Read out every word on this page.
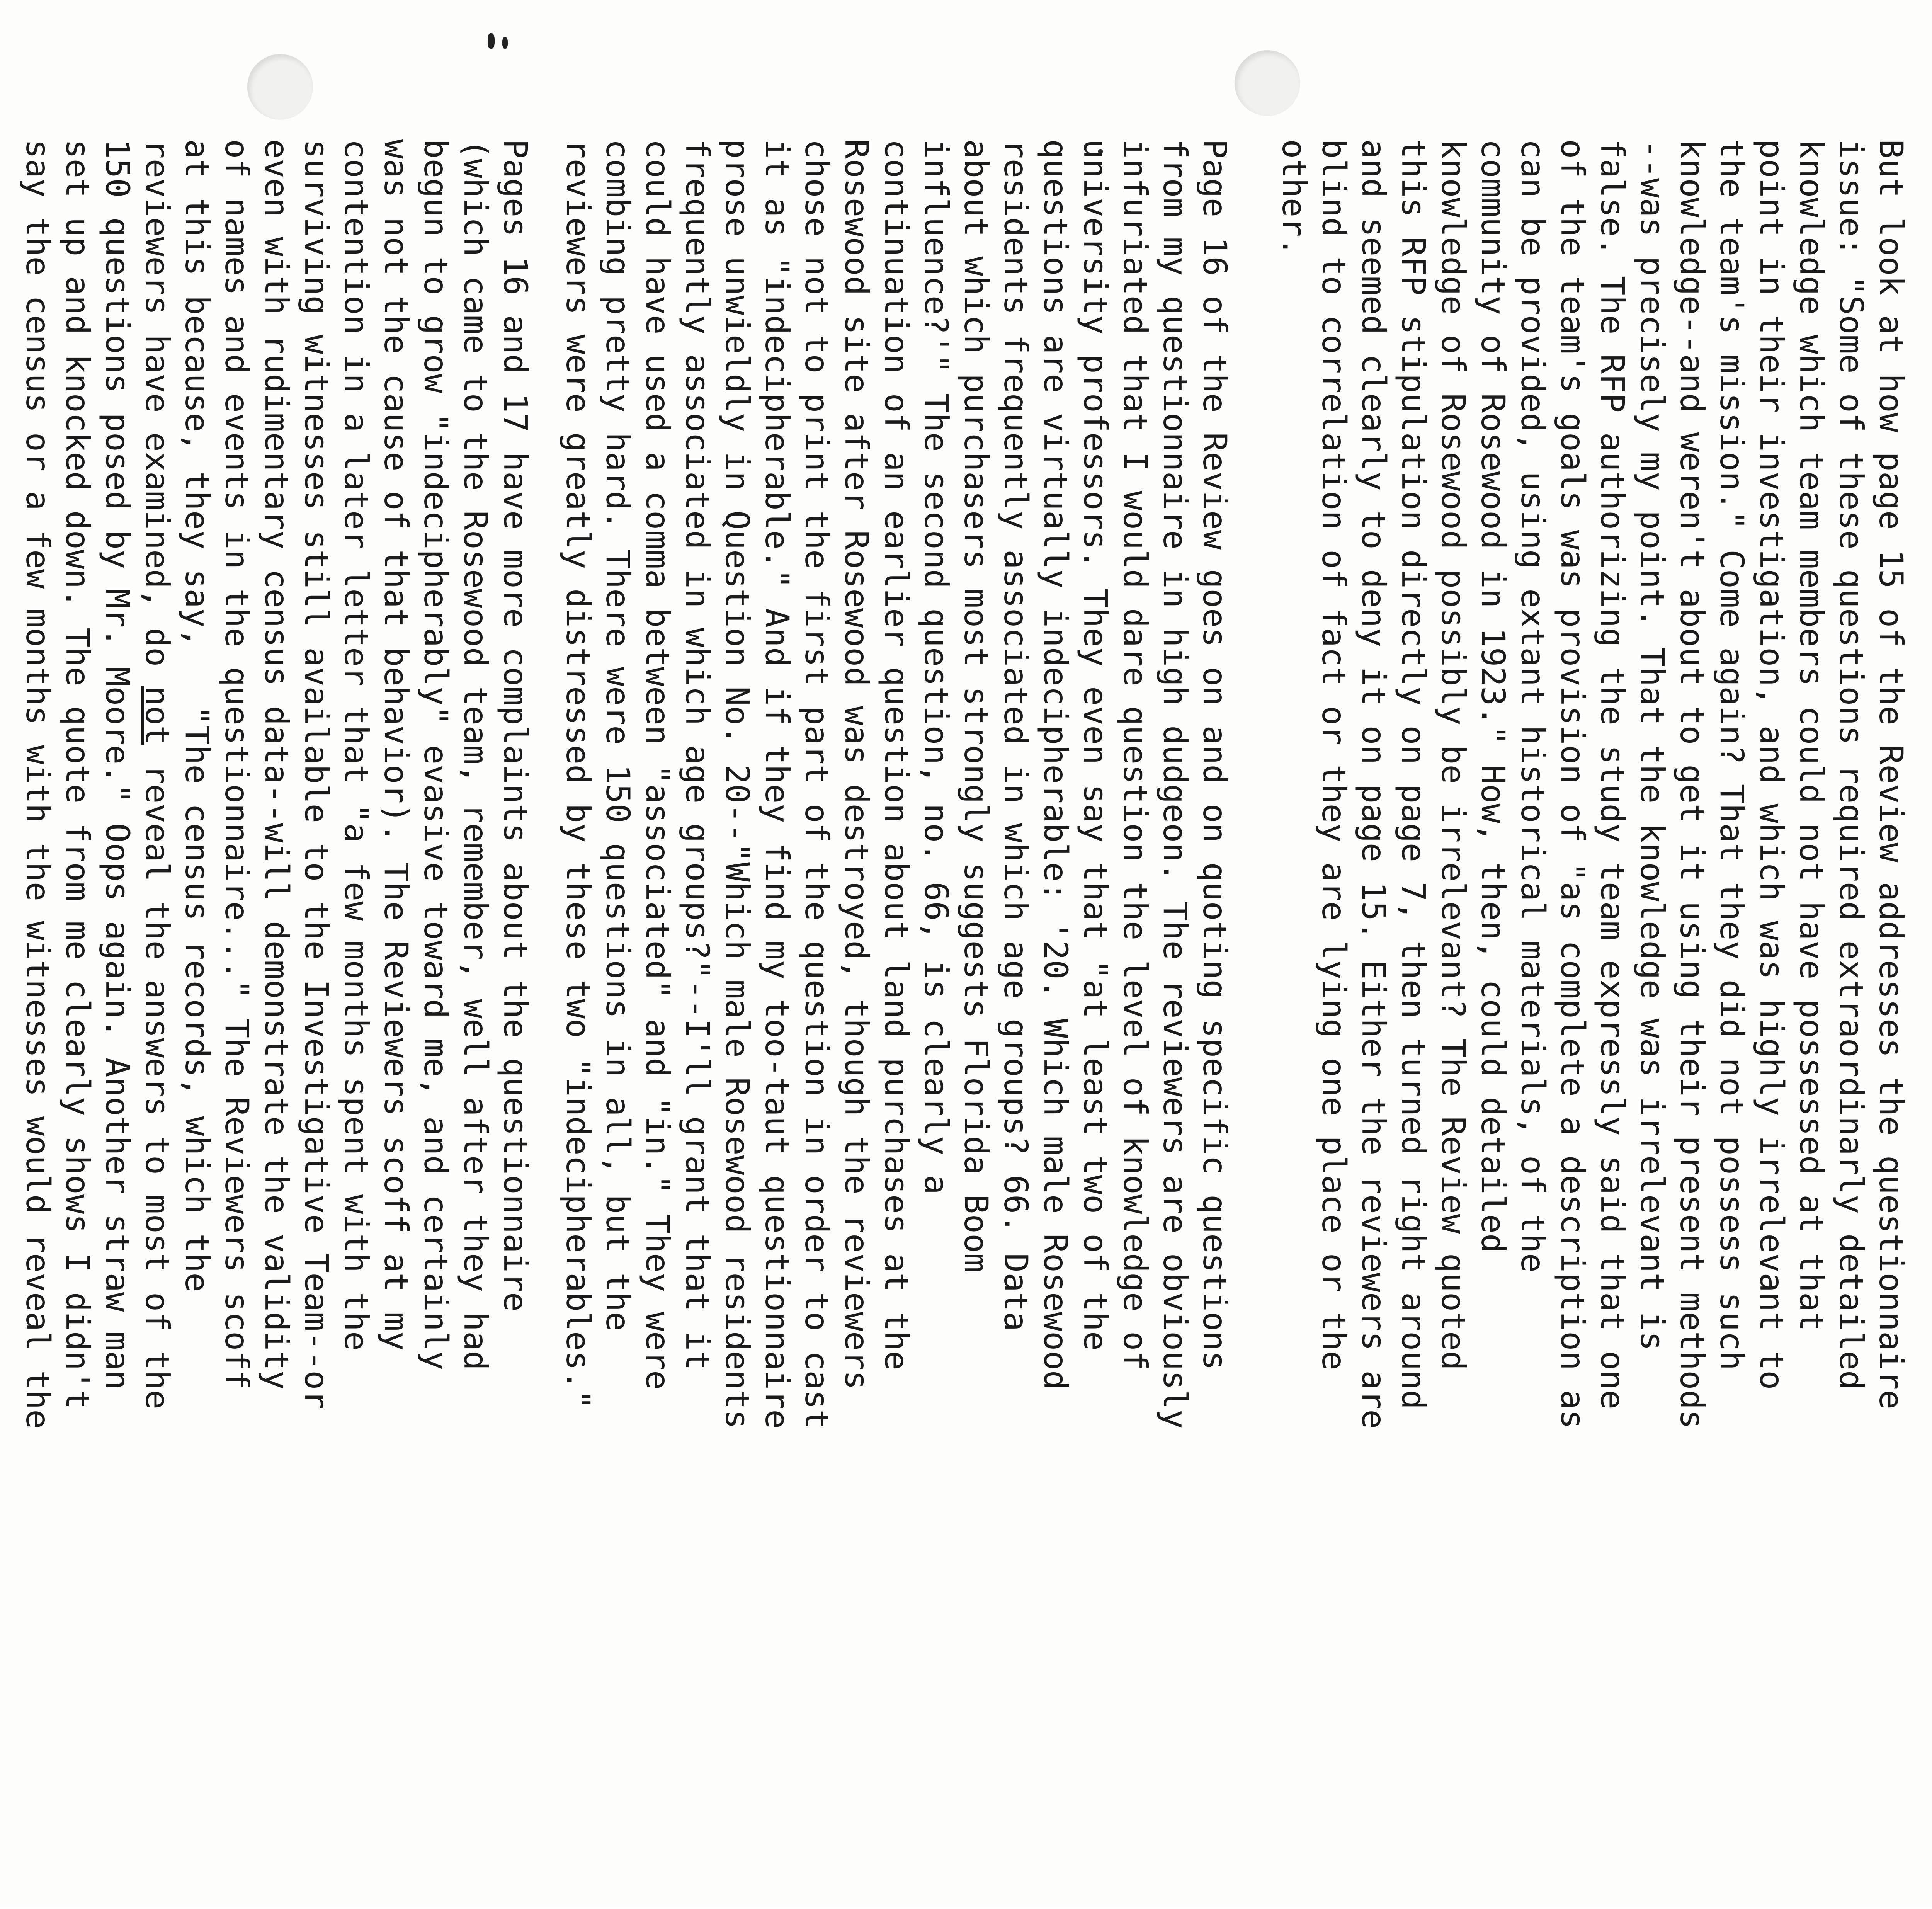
But look at how page 15 of the Review addresses the questionnaire
issue: "Some of these questions required extraordinarly detailed
knowledge which team members could not have possessed at that
point in their investigation, and which was highly irrelevant to
the team's mission." Come again? That they did not possess such
knowledge--and weren't about to get it using their present methods
--was precisely my point. That the knowledge was irrelevant is
false. The RFP authorizing the study team expressly said that one
of the team's goals was provision of "as complete a description as
can be provided, using extant historical materials, of the
community of Rosewood in 1923." How, then, could detailed
knowledge of Rosewood possibly be irrelevant? The Review quoted
this RFP stipulation directly on page 7, then turned right around
and seemed clearly to deny it on page 15. Either the reviewers are
blind to correlation of fact or they are lying one place or the
other.
Page 16 of the Review goes on and on quoting specific questions
from my questionnaire in high dudgeon. The reviewers are obviously
infuriated that I would dare question the level of knowledge of
university professors. They even say that "at least two of the
questions are virtually indecipherable: '20. Which male Rosewood
residents frequently associated in which age groups? 66. Data
about which purchasers most strongly suggests Florida Boom
influence?'" The second question, no. 66, is clearly a
continuation of an earlier question about land purchases at the
Rosewood site after Rosewood was destroyed, though the reviewers
chose not to print the first part of the question in order to cast
it as "indecipherable." And if they find my too-taut questionnaire
prose unwieldly in Question No. 20--"Which male Rosewood residents
frequently associated in which age groups?"--I'll grant that it
could have used a comma between "associated" and "in." They were
combing pretty hard. There were 150 questions in all, but the
reviewers were greatly distressed by these two "indecipherables."
Pages 16 and 17 have more complaints about the questionnaire
(which came to the Rosewood team, remember, well after they had
begun to grow "indecipherably" evasive toward me, and certainly
was not the cause of that behavior). The Reviewers scoff at my
contention in a later letter that "a few months spent with the
surviving witnesses still available to the Investigative Team--or
even with rudimentary census data--will demonstrate the validity
of names and events in the questionnaire..." The Reviewers scoff
at this because, they say,   "The census records, which the
reviewers have examined, do not reveal the answers to most of the
150 questions posed by Mr. Moore." Oops again. Another straw man
set up and knocked down. The quote from me clearly shows I didn't
say the census or a few months with the witnesses would reveal the
